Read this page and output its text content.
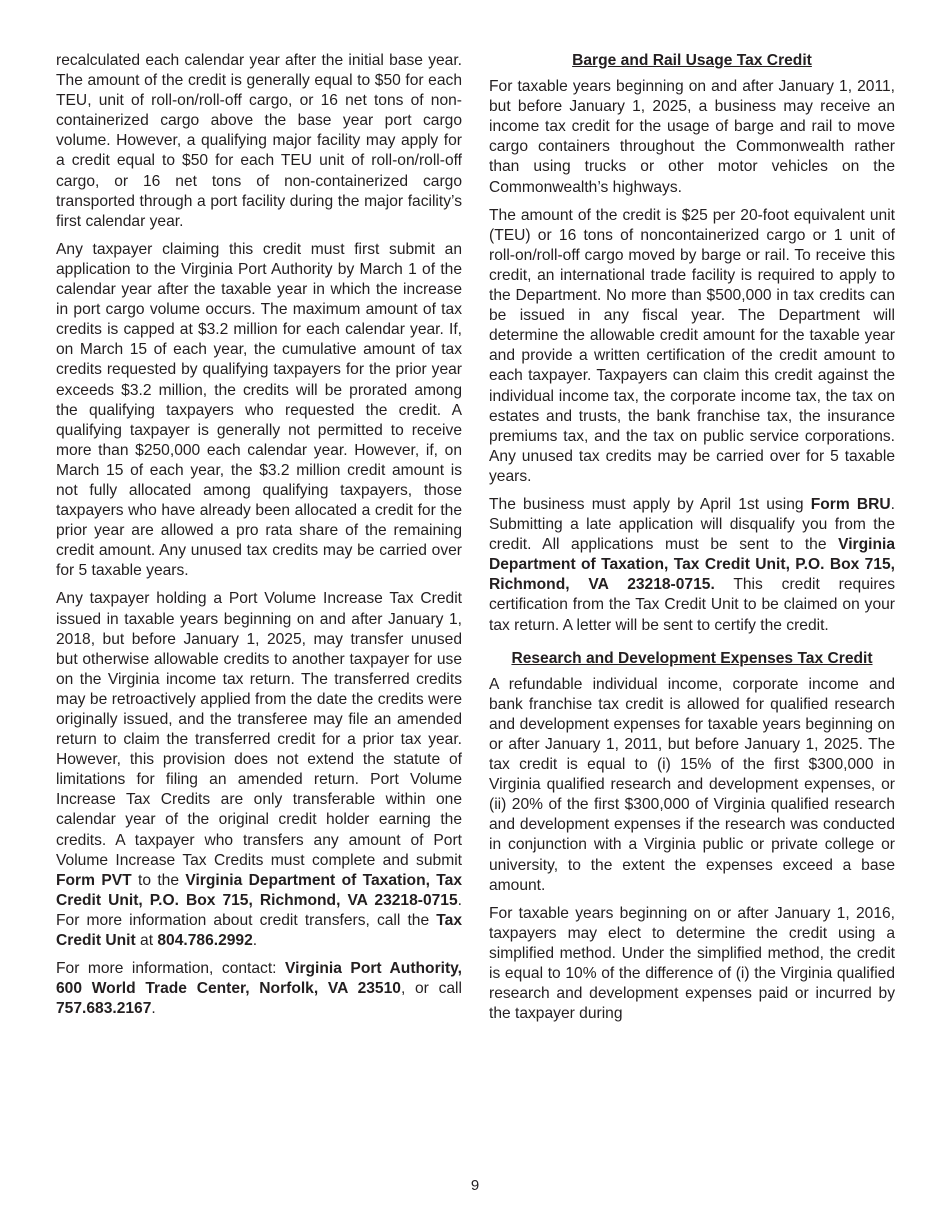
recalculated each calendar year after the initial base year. The amount of the credit is generally equal to $50 for each TEU, unit of roll-on/roll-off cargo, or 16 net tons of non-containerized cargo above the base year port cargo volume. However, a qualifying major facility may apply for a credit equal to $50 for each TEU unit of roll-on/roll-off cargo, or 16 net tons of non-containerized cargo transported through a port facility during the major facility’s first calendar year.

Any taxpayer claiming this credit must first submit an application to the Virginia Port Authority by March 1 of the calendar year after the taxable year in which the increase in port cargo volume occurs. The maximum amount of tax credits is capped at $3.2 million for each calendar year. If, on March 15 of each year, the cumulative amount of tax credits requested by qualifying taxpayers for the prior year exceeds $3.2 million, the credits will be prorated among the qualifying taxpayers who requested the credit. A qualifying taxpayer is generally not permitted to receive more than $250,000 each calendar year. However, if, on March 15 of each year, the $3.2 million credit amount is not fully allocated among qualifying taxpayers, those taxpayers who have already been allocated a credit for the prior year are allowed a pro rata share of the remaining credit amount. Any unused tax credits may be carried over for 5 taxable years.

Any taxpayer holding a Port Volume Increase Tax Credit issued in taxable years beginning on and after January 1, 2018, but before January 1, 2025, may transfer unused but otherwise allowable credits to another taxpayer for use on the Virginia income tax return. The transferred credits may be retroactively applied from the date the credits were originally issued, and the transferee may file an amended return to claim the transferred credit for a prior tax year. However, this provision does not extend the statute of limitations for filing an amended return. Port Volume Increase Tax Credits are only transferable within one calendar year of the original credit holder earning the credits. A taxpayer who transfers any amount of Port Volume Increase Tax Credits must complete and submit Form PVT to the Virginia Department of Taxation, Tax Credit Unit, P.O. Box 715, Richmond, VA 23218-0715. For more information about credit transfers, call the Tax Credit Unit at 804.786.2992.

For more information, contact: Virginia Port Authority, 600 World Trade Center, Norfolk, VA 23510, or call 757.683.2167.

Barge and Rail Usage Tax Credit

For taxable years beginning on and after January 1, 2011, but before January 1, 2025, a business may receive an income tax credit for the usage of barge and rail to move cargo containers throughout the Commonwealth rather than using trucks or other motor vehicles on the Commonwealth’s highways.

The amount of the credit is $25 per 20-foot equivalent unit (TEU) or 16 tons of noncontainerized cargo or 1 unit of roll-on/roll-off cargo moved by barge or rail. To receive this credit, an international trade facility is required to apply to the Department. No more than $500,000 in tax credits can be issued in any fiscal year. The Department will determine the allowable credit amount for the taxable year and provide a written certification of the credit amount to each taxpayer. Taxpayers can claim this credit against the individual income tax, the corporate income tax, the tax on estates and trusts, the bank franchise tax, the insurance premiums tax, and the tax on public service corporations. Any unused tax credits may be carried over for 5 taxable years.

The business must apply by April 1st using Form BRU. Submitting a late application will disqualify you from the credit. All applications must be sent to the Virginia Department of Taxation, Tax Credit Unit, P.O. Box 715, Richmond, VA 23218-0715. This credit requires certification from the Tax Credit Unit to be claimed on your tax return. A letter will be sent to certify the credit.

Research and Development Expenses Tax Credit

A refundable individual income, corporate income and bank franchise tax credit is allowed for qualified research and development expenses for taxable years beginning on or after January 1, 2011, but before January 1, 2025. The tax credit is equal to (i) 15% of the first $300,000 in Virginia qualified research and development expenses, or (ii) 20% of the first $300,000 of Virginia qualified research and development expenses if the research was conducted in conjunction with a Virginia public or private college or university, to the extent the expenses exceed a base amount.

For taxable years beginning on or after January 1, 2016, taxpayers may elect to determine the credit using a simplified method. Under the simplified method, the credit is equal to 10% of the difference of (i) the Virginia qualified research and development expenses paid or incurred by the taxpayer during

9
